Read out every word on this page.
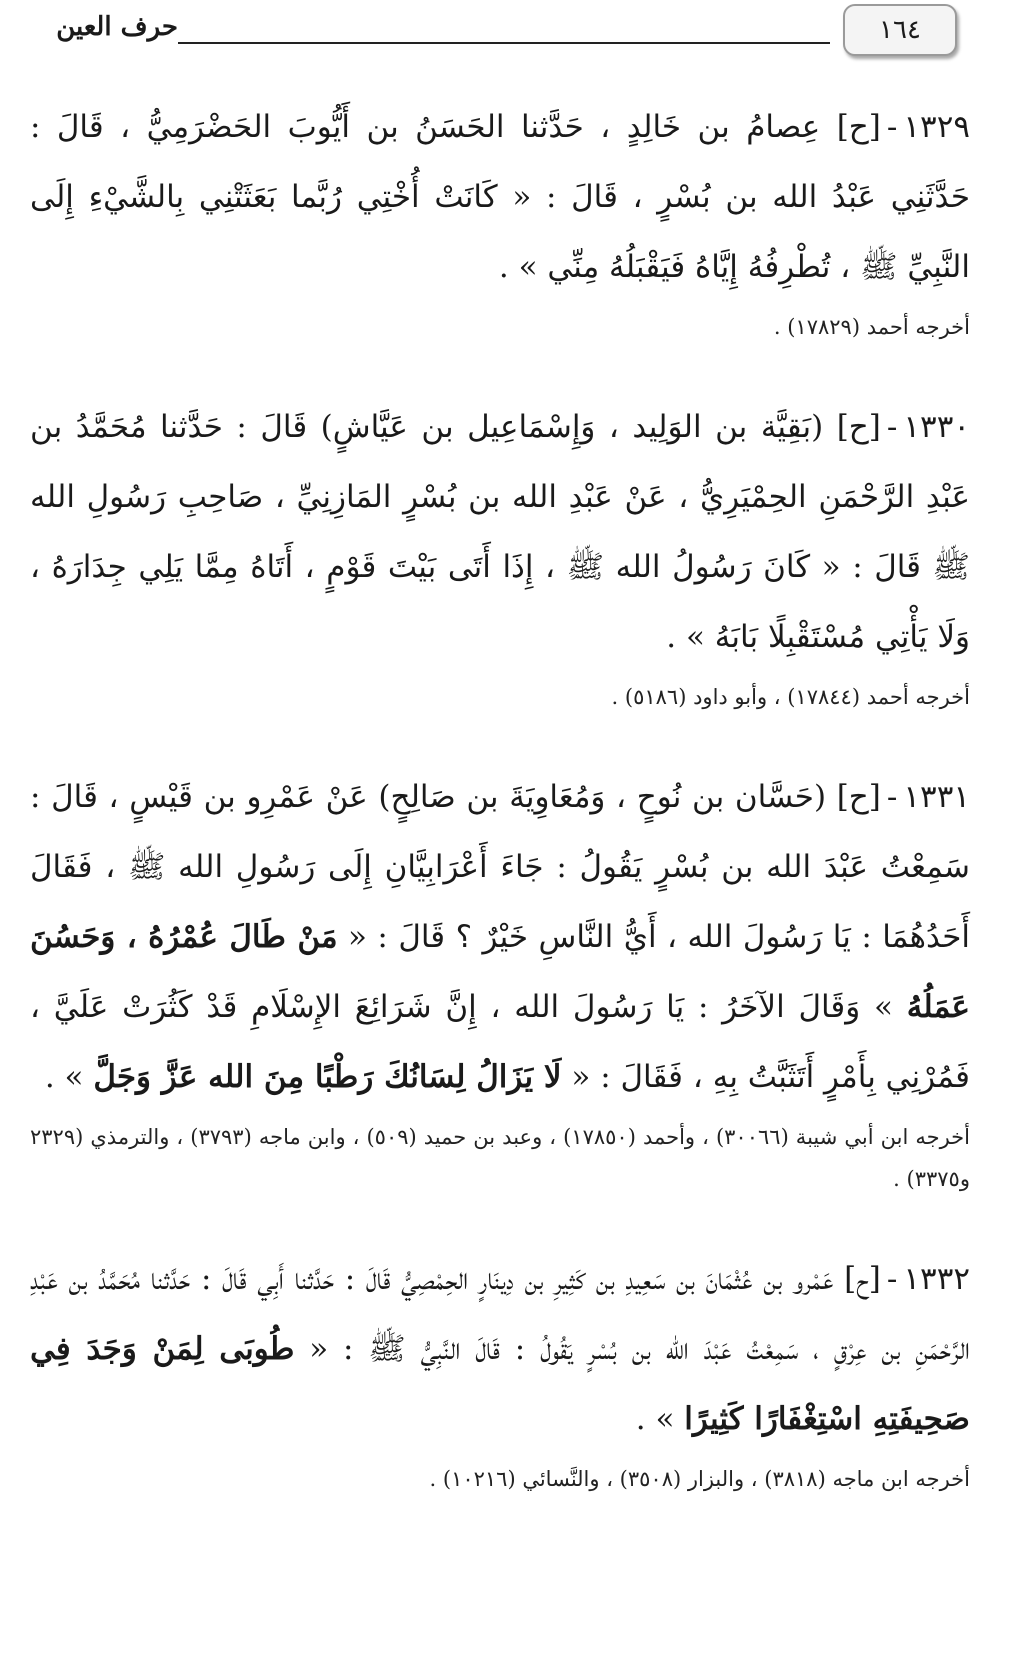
١٦٤
حرف العين

١٣٢٩-[ح] عِصامُ بن خَالِدٍ ، حَدَّثنا الحَسَنُ بن أَيُّوبَ الحَضْرَمِيُّ ، قَالَ : حَدَّثَنِي عَبْدُ الله بن بُسْرٍ ، قَالَ : « كَانَتْ أُخْتِي رُبَّما بَعَثَتْنِي بِالشَّيْءِ إِلَى النَّبِيِّ ﷺ ، تُطْرِفُهُ إِيَّاهُ فَيَقْبَلُهُ مِنِّي » .

أخرجه أحمد (١٧٨٢٩) .

١٣٣٠-[ح] (بَقِيَّة بن الوَلِيد ، وَإِسْمَاعِيل بن عَيَّاشٍ) قَالَ : حَدَّثنا مُحَمَّدُ بن عَبْدِ الرَّحْمَنِ الحِمْيَرِيُّ ، عَنْ عَبْدِ الله بن بُسْرٍ المَازِنِيِّ ، صَاحِبِ رَسُولِ الله ﷺ قَالَ : « كَانَ رَسُولُ الله ﷺ ، إِذَا أَتَى بَيْتَ قَوْمٍ ، أَتَاهُ مِمَّا يَلِي جِدَارَهُ ، وَلَا يَأْتِي مُسْتَقْبِلًا بَابَهُ » .

أخرجه أحمد (١٧٨٤٤) ، وأبو داود (٥١٨٦) .

١٣٣١-[ح] (حَسَّان بن نُوحٍ ، وَمُعَاوِيَةَ بن صَالِحٍ) عَنْ عَمْرِو بن قَيْسٍ ، قَالَ : سَمِعْتُ عَبْدَ الله بن بُسْرٍ يَقُولُ : جَاءَ أَعْرَابِيَّانِ إِلَى رَسُولِ الله ﷺ ، فَقَالَ أَحَدُهُمَا : يَا رَسُولَ الله ، أَيُّ النَّاسِ خَيْرٌ ؟ قَالَ : « مَنْ طَالَ عُمْرُهُ ، وَحَسُنَ عَمَلُهُ » وَقَالَ الآخَرُ : يَا رَسُولَ الله ، إِنَّ شَرَائِعَ الإِسْلَامِ قَدْ كَثُرَتْ عَلَيَّ ، فَمُرْنِي بِأَمْرٍ أَتَثَبَّتُ بِهِ ، فَقَالَ : « لَا يَزَالُ لِسَانُكَ رَطْبًا مِنَ الله عَزَّ وَجَلَّ » .

أخرجه ابن أبي شيبة (٣٠٠٦٦) ، وأحمد (١٧٨٥٠) ، وعبد بن حميد (٥٠٩) ، وابن ماجه (٣٧٩٣) ، والترمذي (٢٣٢٩ و٣٣٧٥) .

١٣٣٢-[ح] عَمْرو بن عُثْمَانَ بن سَعِيدِ بن كَثِيرِ بن دِينَارٍ الحِمْصِيُّ قَالَ : حَدَّثنا أَبِي قَالَ : حَدَّثنا مُحَمَّدُ بن عَبْدِ الرَّحْمَنِ بن عِرْقٍ ، سَمِعْتُ عَبْدَ الله بن بُسْرٍ يَقُولُ : قَالَ النَّبِيُّ ﷺ : « طُوبَى لِمَنْ وَجَدَ فِي صَحِيفَتِهِ اسْتِغْفَارًا كَثِيرًا » .

أخرجه ابن ماجه (٣٨١٨) ، والبزار (٣٥٠٨) ، والنَّسائي (١٠٢١٦) .
